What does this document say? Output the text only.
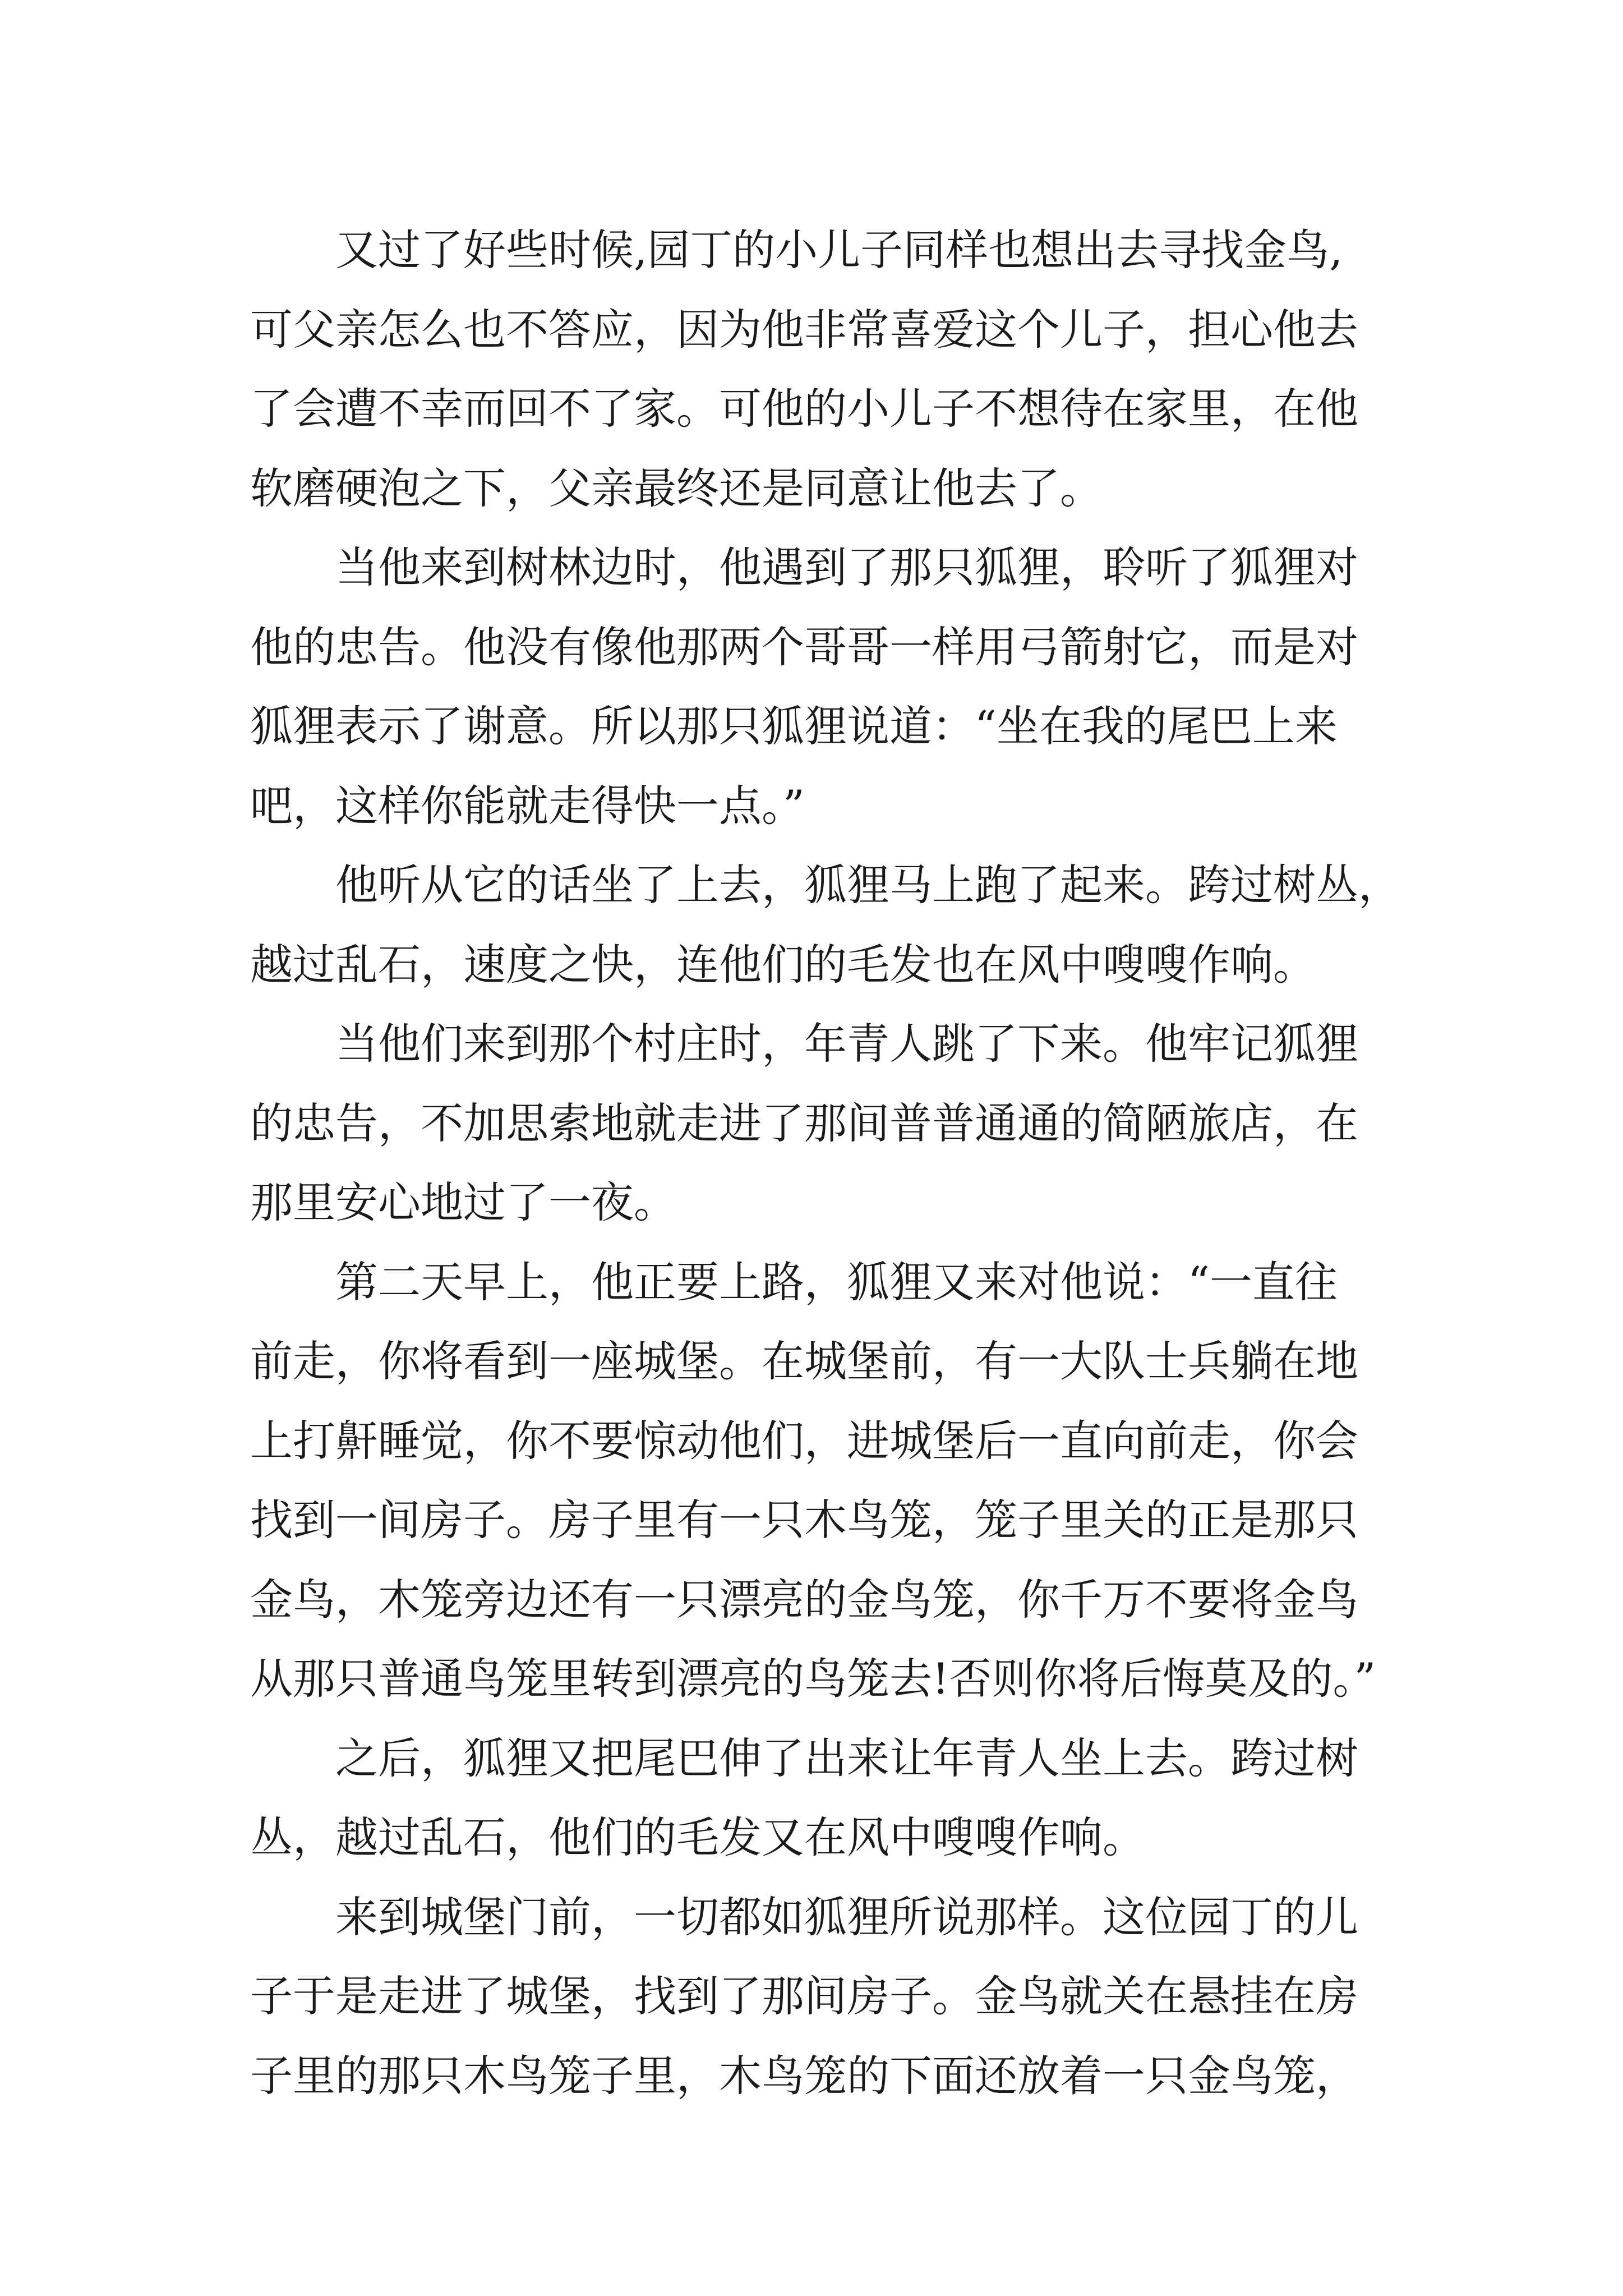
又过了好些时候,园丁的小儿子同样也想出去寻找金鸟,
可父亲怎么也不答应，因为他非常喜爱这个儿子，担心他去
了会遭不幸而回不了家。可他的小儿子不想待在家里，在他
软磨硬泡之下，父亲最终还是同意让他去了。
当他来到树林边时，他遇到了那只狐狸，聆听了狐狸对
他的忠告。他没有像他那两个哥哥一样用弓箭射它，而是对
狐狸表示了谢意。所以那只狐狸说道：“坐在我的尾巴上来
吧，这样你能就走得快一点。”
他听从它的话坐了上去，狐狸马上跑了起来。跨过树丛，
越过乱石，速度之快，连他们的毛发也在风中嗖嗖作响。
当他们来到那个村庄时，年青人跳了下来。他牢记狐狸
的忠告，不加思索地就走进了那间普普通通的简陋旅店，在
那里安心地过了一夜。
第二天早上，他正要上路，狐狸又来对他说：“一直往
前走，你将看到一座城堡。在城堡前，有一大队士兵躺在地
上打鼾睡觉，你不要惊动他们，进城堡后一直向前走，你会
找到一间房子。房子里有一只木鸟笼，笼子里关的正是那只
金鸟，木笼旁边还有一只漂亮的金鸟笼，你千万不要将金鸟
从那只普通鸟笼里转到漂亮的鸟笼去!否则你将后悔莫及的。”
之后，狐狸又把尾巴伸了出来让年青人坐上去。跨过树
丛，越过乱石，他们的毛发又在风中嗖嗖作响。
来到城堡门前，一切都如狐狸所说那样。这位园丁的儿
子于是走进了城堡，找到了那间房子。金鸟就关在悬挂在房
子里的那只木鸟笼子里，木鸟笼的下面还放着一只金鸟笼，
